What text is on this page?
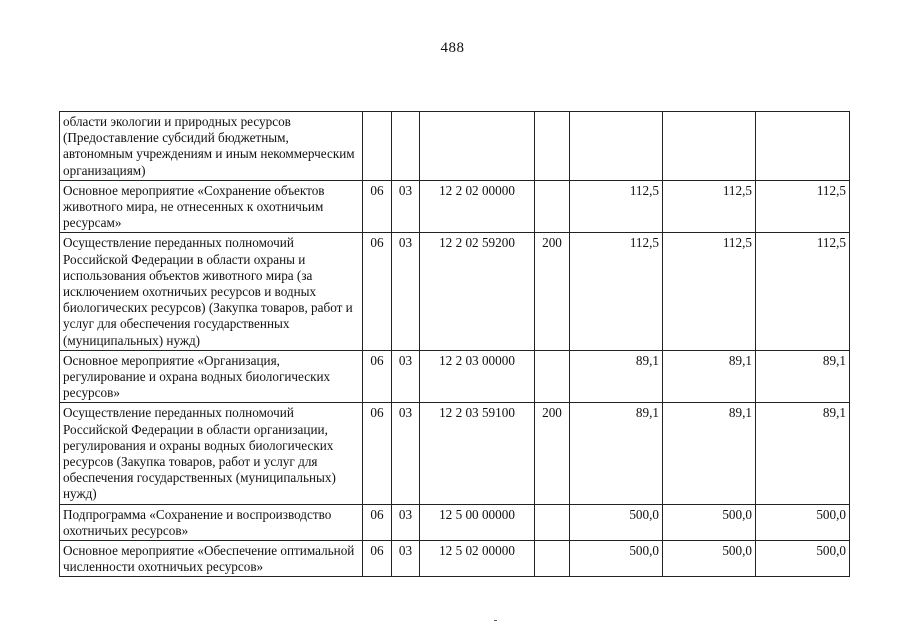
488
области экологии и природных ресурсов (Предоставление субсидий бюджетным, автономным учреждениям и иным некоммерческим организациям)							
Основное мероприятие «Сохранение объектов животного мира, не отнесенных к охотничьим ресурсам»	06	03	12 2 02 00000		112,5	112,5	112,5
Осуществление переданных полномочий Российской Федерации в области охраны и использования объектов животного мира (за исключением охотничьих ресурсов и водных биологических ресурсов) (Закупка товаров, работ и услуг для обеспечения государственных (муниципальных) нужд)	06	03	12 2 02 59200	200	112,5	112,5	112,5
Основное мероприятие «Организация, регулирование и охрана водных биологических ресурсов»	06	03	12 2 03 00000		89,1	89,1	89,1
Осуществление переданных полномочий Российской Федерации в области организации, регулирования и охраны водных биологических ресурсов (Закупка товаров, работ и услуг для обеспечения государственных (муниципальных) нужд)	06	03	12 2 03 59100	200	89,1	89,1	89,1
Подпрограмма «Сохранение и воспроизводство охотничьих ресурсов»	06	03	12 5 00 00000		500,0	500,0	500,0
Основное мероприятие «Обеспечение оптимальной численности охотничьих ресурсов»	06	03	12 5 02 00000		500,0	500,0	500,0
